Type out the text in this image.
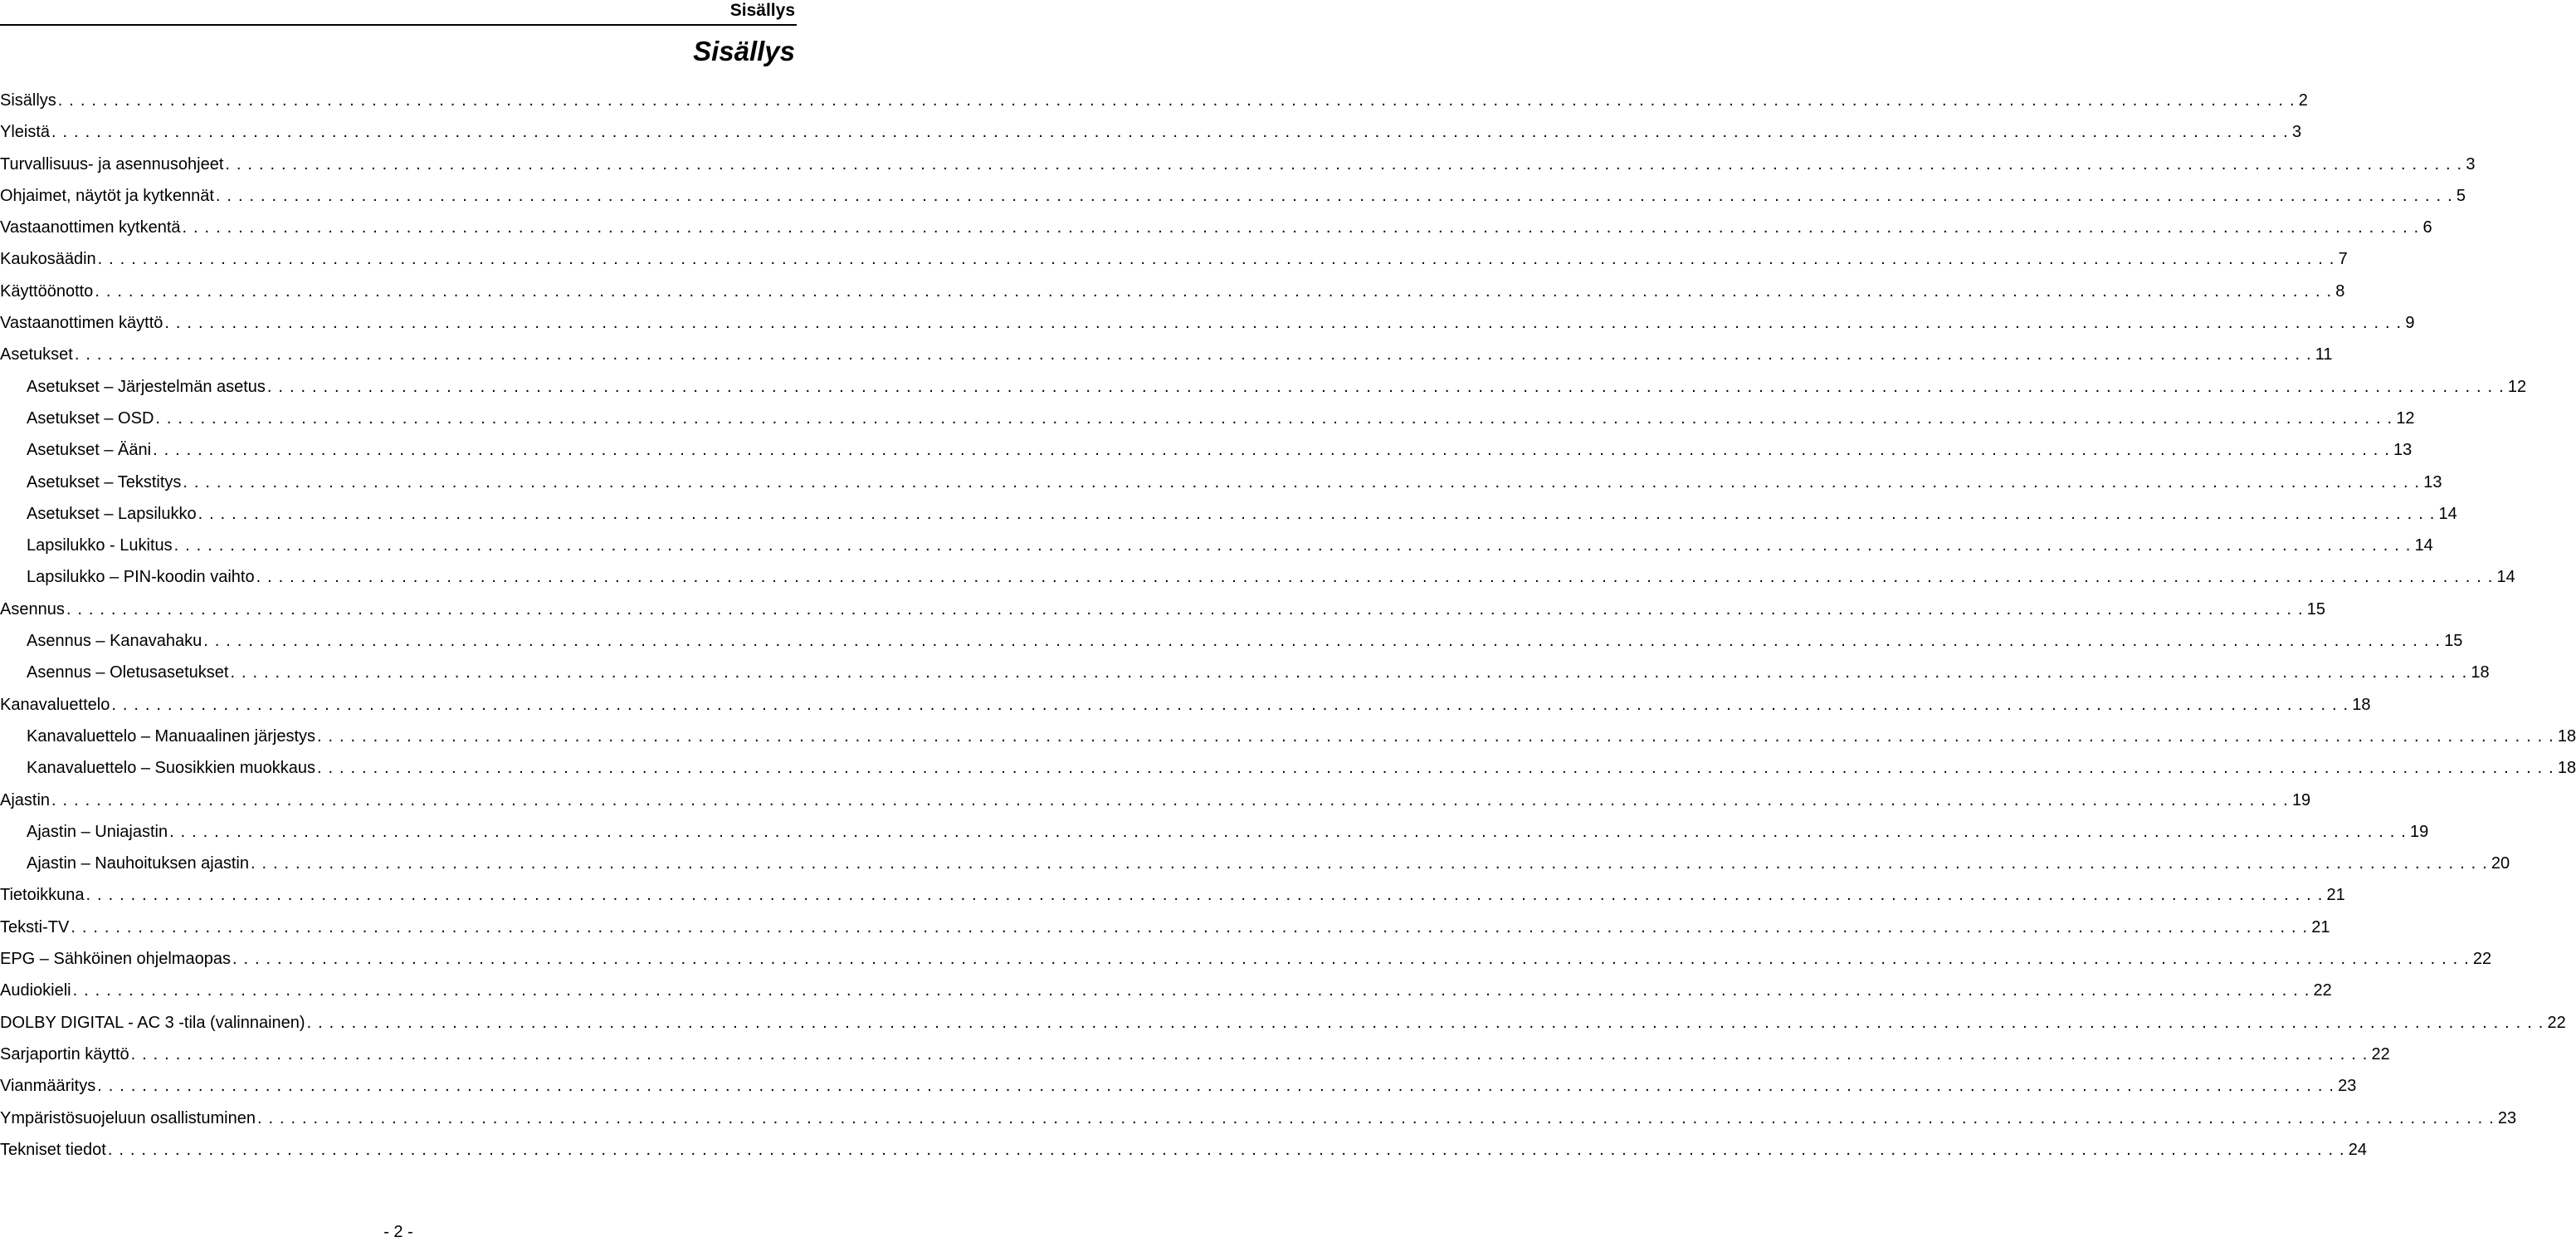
Sisällys
Sisällys
Sisällys . . . . . . . . . . . . . . . . . . . . . . . . . . . . . . . . . . . . . . . . . . . . . . . . . . . . . . . . . . . . . . . . . . . . . . . . . . . . . . . . . . . . . . . . . . . . . . . . . . . . . . . . . . . . . . . . . . . . . . . . . . . . . . . . . . . . . . . . . . . . . . . . . . . . . . . . . . . . . . . . . . . . . . . . . . . . . . . . . . . . . . . . . . . . . . . . . . . . . . . . 2
Yleistä . . . . . . . . . . . . . . . . . . . . . . . . . . . . . . . . . . . . . . . . . . . . . . . . . . . . . . . . . . . . . . . . . . . . . . . . . . . . . . . . . . . . . . . . . . . . . . . . . . . . . . . . . . . . . . . . . . . . . . . . . . . . . . . . . . . . . . . . . . . . . . . . . . . . . . . . . . . . . . . . . . . . . . . . . . . . . . . . . . . . . . . . . . . . . . . . . . . . . . . . 3
Turvallisuus- ja asennusohjeet . . . . . . . . . . . . . . . . . . . . . . . . . . . . . . . . . . . . . . . . . . . . . . . . . . . . . . . . . . . . . . . . . . . . . . . . . . . . . . . . . . . . . . . . . . . . . . . . . . . . . . . . . . . . . . . . . . . . . . . . . . . . . . . . . . . . . . . . . . . . . . . . . . . . . . . . . . . . . . . . . . . . . . . . . . . . . . . . . . . . . . . . . . . . . . . . . . . . . . . . 3
Ohjaimet, näytöt ja kytkennät . . . . . . . . . . . . . . . . . . . . . . . . . . . . . . . . . . . . . . . . . . . . . . . . . . . . . . . . . . . . . . . . . . . . . . . . . . . . . . . . . . . . . . . . . . . . . . . . . . . . . . . . . . . . . . . . . . . . . . . . . . . . . . . . . . . . . . . . . . . . . . . . . . . . . . . . . . . . . . . . . . . . . . . . . . . . . . . . . . . . . . . . . . . . . . . . . . . . . . . . 5
Vastaanottimen kytkentä . . . . . . . . . . . . . . . . . . . . . . . . . . . . . . . . . . . . . . . . . . . . . . . . . . . . . . . . . . . . . . . . . . . . . . . . . . . . . . . . . . . . . . . . . . . . . . . . . . . . . . . . . . . . . . . . . . . . . . . . . . . . . . . . . . . . . . . . . . . . . . . . . . . . . . . . . . . . . . . . . . . . . . . . . . . . . . . . . . . . . . . . . . . . . . . . . . . . . . . . 6
Kaukosäädin . . . . . . . . . . . . . . . . . . . . . . . . . . . . . . . . . . . . . . . . . . . . . . . . . . . . . . . . . . . . . . . . . . . . . . . . . . . . . . . . . . . . . . . . . . . . . . . . . . . . . . . . . . . . . . . . . . . . . . . . . . . . . . . . . . . . . . . . . . . . . . . . . . . . . . . . . . . . . . . . . . . . . . . . . . . . . . . . . . . . . . . . . . . . . . . . . . . . . . . . 7
Käyttöönotto . . . . . . . . . . . . . . . . . . . . . . . . . . . . . . . . . . . . . . . . . . . . . . . . . . . . . . . . . . . . . . . . . . . . . . . . . . . . . . . . . . . . . . . . . . . . . . . . . . . . . . . . . . . . . . . . . . . . . . . . . . . . . . . . . . . . . . . . . . . . . . . . . . . . . . . . . . . . . . . . . . . . . . . . . . . . . . . . . . . . . . . . . . . . . . . . . . . . . . . . 8
Vastaanottimen käyttö . . . . . . . . . . . . . . . . . . . . . . . . . . . . . . . . . . . . . . . . . . . . . . . . . . . . . . . . . . . . . . . . . . . . . . . . . . . . . . . . . . . . . . . . . . . . . . . . . . . . . . . . . . . . . . . . . . . . . . . . . . . . . . . . . . . . . . . . . . . . . . . . . . . . . . . . . . . . . . . . . . . . . . . . . . . . . . . . . . . . . . . . . . . . . . . . . . . . . . . . 9
Asetukset . . . . . . . . . . . . . . . . . . . . . . . . . . . . . . . . . . . . . . . . . . . . . . . . . . . . . . . . . . . . . . . . . . . . . . . . . . . . . . . . . . . . . . . . . . . . . . . . . . . . . . . . . . . . . . . . . . . . . . . . . . . . . . . . . . . . . . . . . . . . . . . . . . . . . . . . . . . . . . . . . . . . . . . . . . . . . . . . . . . . . . . . . . . . . . . . . . . . . . . . 11
Asetukset – Järjestelmän asetus . . . . . . . . . . . . . . . . . . . . . . . . . . . . . . . . . . . . . . . . . . . . . . . . . . . . . . . . . . . . . . . . . . . . . . . . . . . . . . . . . . . . . . . . . . . . . . . . . . . . . . . . . . . . . . . . . . . . . . . . . . . . . . . . . . . . . . . . . . . . . . . . . . . . . . . . . . . . . . . . . . . . . . . . . . . . . . . . . . . . . . . . . . . . . . . . . . . . . . . . 12
Asetukset – OSD . . . . . . . . . . . . . . . . . . . . . . . . . . . . . . . . . . . . . . . . . . . . . . . . . . . . . . . . . . . . . . . . . . . . . . . . . . . . . . . . . . . . . . . . . . . . . . . . . . . . . . . . . . . . . . . . . . . . . . . . . . . . . . . . . . . . . . . . . . . . . . . . . . . . . . . . . . . . . . . . . . . . . . . . . . . . . . . . . . . . . . . . . . . . . . . . . . . . . . . . 12
Asetukset – Ääni . . . . . . . . . . . . . . . . . . . . . . . . . . . . . . . . . . . . . . . . . . . . . . . . . . . . . . . . . . . . . . . . . . . . . . . . . . . . . . . . . . . . . . . . . . . . . . . . . . . . . . . . . . . . . . . . . . . . . . . . . . . . . . . . . . . . . . . . . . . . . . . . . . . . . . . . . . . . . . . . . . . . . . . . . . . . . . . . . . . . . . . . . . . . . . . . . . . . . . . . 13
Asetukset – Tekstitys . . . . . . . . . . . . . . . . . . . . . . . . . . . . . . . . . . . . . . . . . . . . . . . . . . . . . . . . . . . . . . . . . . . . . . . . . . . . . . . . . . . . . . . . . . . . . . . . . . . . . . . . . . . . . . . . . . . . . . . . . . . . . . . . . . . . . . . . . . . . . . . . . . . . . . . . . . . . . . . . . . . . . . . . . . . . . . . . . . . . . . . . . . . . . . . . . . . . . . . . 13
Asetukset – Lapsilukko . . . . . . . . . . . . . . . . . . . . . . . . . . . . . . . . . . . . . . . . . . . . . . . . . . . . . . . . . . . . . . . . . . . . . . . . . . . . . . . . . . . . . . . . . . . . . . . . . . . . . . . . . . . . . . . . . . . . . . . . . . . . . . . . . . . . . . . . . . . . . . . . . . . . . . . . . . . . . . . . . . . . . . . . . . . . . . . . . . . . . . . . . . . . . . . . . . . . . . . . 14
Lapsilukko - Lukitus . . . . . . . . . . . . . . . . . . . . . . . . . . . . . . . . . . . . . . . . . . . . . . . . . . . . . . . . . . . . . . . . . . . . . . . . . . . . . . . . . . . . . . . . . . . . . . . . . . . . . . . . . . . . . . . . . . . . . . . . . . . . . . . . . . . . . . . . . . . . . . . . . . . . . . . . . . . . . . . . . . . . . . . . . . . . . . . . . . . . . . . . . . . . . . . . . . . . . . . . 14
Lapsilukko – PIN-koodin vaihto . . . . . . . . . . . . . . . . . . . . . . . . . . . . . . . . . . . . . . . . . . . . . . . . . . . . . . . . . . . . . . . . . . . . . . . . . . . . . . . . . . . . . . . . . . . . . . . . . . . . . . . . . . . . . . . . . . . . . . . . . . . . . . . . . . . . . . . . . . . . . . . . . . . . . . . . . . . . . . . . . . . . . . . . . . . . . . . . . . . . . . . . . . . . . . . . . . . . . . . . 14
Asennus . . . . . . . . . . . . . . . . . . . . . . . . . . . . . . . . . . . . . . . . . . . . . . . . . . . . . . . . . . . . . . . . . . . . . . . . . . . . . . . . . . . . . . . . . . . . . . . . . . . . . . . . . . . . . . . . . . . . . . . . . . . . . . . . . . . . . . . . . . . . . . . . . . . . . . . . . . . . . . . . . . . . . . . . . . . . . . . . . . . . . . . . . . . . . . . . . . . . . . . . 15
Asennus – Kanavahaku . . . . . . . . . . . . . . . . . . . . . . . . . . . . . . . . . . . . . . . . . . . . . . . . . . . . . . . . . . . . . . . . . . . . . . . . . . . . . . . . . . . . . . . . . . . . . . . . . . . . . . . . . . . . . . . . . . . . . . . . . . . . . . . . . . . . . . . . . . . . . . . . . . . . . . . . . . . . . . . . . . . . . . . . . . . . . . . . . . . . . . . . . . . . . . . . . . . . . . . . 15
Asennus – Oletusasetukset . . . . . . . . . . . . . . . . . . . . . . . . . . . . . . . . . . . . . . . . . . . . . . . . . . . . . . . . . . . . . . . . . . . . . . . . . . . . . . . . . . . . . . . . . . . . . . . . . . . . . . . . . . . . . . . . . . . . . . . . . . . . . . . . . . . . . . . . . . . . . . . . . . . . . . . . . . . . . . . . . . . . . . . . . . . . . . . . . . . . . . . . . . . . . . . . . . . . . . . . 18
Kanavaluettelo . . . . . . . . . . . . . . . . . . . . . . . . . . . . . . . . . . . . . . . . . . . . . . . . . . . . . . . . . . . . . . . . . . . . . . . . . . . . . . . . . . . . . . . . . . . . . . . . . . . . . . . . . . . . . . . . . . . . . . . . . . . . . . . . . . . . . . . . . . . . . . . . . . . . . . . . . . . . . . . . . . . . . . . . . . . . . . . . . . . . . . . . . . . . . . . . . . . . . . . . 18
Kanavaluettelo – Manuaalinen järjestys . . . . . . . . . . . . . . . . . . . . . . . . . . . . . . . . . . . . . . . . . . . . . . . . . . . . . . . . . . . . . . . . . . . . . . . . . . . . . . . . . . . . . . . . . . . . . . . . . . . . . . . . . . . . . . . . . . . . . . . . . . . . . . . . . . . . . . . . . . . . . . . . . . . . . . . . . . . . . . . . . . . . . . . . . . . . . . . . . . . . . . . . . . . . . . . . . . . . . . . . 18
Kanavaluettelo – Suosikkien muokkaus . . . . . . . . . . . . . . . . . . . . . . . . . . . . . . . . . . . . . . . . . . . . . . . . . . . . . . . . . . . . . . . . . . . . . . . . . . . . . . . . . . . . . . . . . . . . . . . . . . . . . . . . . . . . . . . . . . . . . . . . . . . . . . . . . . . . . . . . . . . . . . . . . . . . . . . . . . . . . . . . . . . . . . . . . . . . . . . . . . . . . . . . . . . . . . . . . . . . . . . . 18
Ajastin . . . . . . . . . . . . . . . . . . . . . . . . . . . . . . . . . . . . . . . . . . . . . . . . . . . . . . . . . . . . . . . . . . . . . . . . . . . . . . . . . . . . . . . . . . . . . . . . . . . . . . . . . . . . . . . . . . . . . . . . . . . . . . . . . . . . . . . . . . . . . . . . . . . . . . . . . . . . . . . . . . . . . . . . . . . . . . . . . . . . . . . . . . . . . . . . . . . . . . . . 19
Ajastin – Uniajastin . . . . . . . . . . . . . . . . . . . . . . . . . . . . . . . . . . . . . . . . . . . . . . . . . . . . . . . . . . . . . . . . . . . . . . . . . . . . . . . . . . . . . . . . . . . . . . . . . . . . . . . . . . . . . . . . . . . . . . . . . . . . . . . . . . . . . . . . . . . . . . . . . . . . . . . . . . . . . . . . . . . . . . . . . . . . . . . . . . . . . . . . . . . . . . . . . . . . . . . . 19
Ajastin – Nauhoituksen ajastin . . . . . . . . . . . . . . . . . . . . . . . . . . . . . . . . . . . . . . . . . . . . . . . . . . . . . . . . . . . . . . . . . . . . . . . . . . . . . . . . . . . . . . . . . . . . . . . . . . . . . . . . . . . . . . . . . . . . . . . . . . . . . . . . . . . . . . . . . . . . . . . . . . . . . . . . . . . . . . . . . . . . . . . . . . . . . . . . . . . . . . . . . . . . . . . . . . . . . . . . 20
Tietoikkuna . . . . . . . . . . . . . . . . . . . . . . . . . . . . . . . . . . . . . . . . . . . . . . . . . . . . . . . . . . . . . . . . . . . . . . . . . . . . . . . . . . . . . . . . . . . . . . . . . . . . . . . . . . . . . . . . . . . . . . . . . . . . . . . . . . . . . . . . . . . . . . . . . . . . . . . . . . . . . . . . . . . . . . . . . . . . . . . . . . . . . . . . . . . . . . . . . . . . . . . . 21
Teksti-TV . . . . . . . . . . . . . . . . . . . . . . . . . . . . . . . . . . . . . . . . . . . . . . . . . . . . . . . . . . . . . . . . . . . . . . . . . . . . . . . . . . . . . . . . . . . . . . . . . . . . . . . . . . . . . . . . . . . . . . . . . . . . . . . . . . . . . . . . . . . . . . . . . . . . . . . . . . . . . . . . . . . . . . . . . . . . . . . . . . . . . . . . . . . . . . . . . . . . . . . . 21
EPG – Sähköinen ohjelmaopas . . . . . . . . . . . . . . . . . . . . . . . . . . . . . . . . . . . . . . . . . . . . . . . . . . . . . . . . . . . . . . . . . . . . . . . . . . . . . . . . . . . . . . . . . . . . . . . . . . . . . . . . . . . . . . . . . . . . . . . . . . . . . . . . . . . . . . . . . . . . . . . . . . . . . . . . . . . . . . . . . . . . . . . . . . . . . . . . . . . . . . . . . . . . . . . . . . . . . . . . 22
Audiokieli . . . . . . . . . . . . . . . . . . . . . . . . . . . . . . . . . . . . . . . . . . . . . . . . . . . . . . . . . . . . . . . . . . . . . . . . . . . . . . . . . . . . . . . . . . . . . . . . . . . . . . . . . . . . . . . . . . . . . . . . . . . . . . . . . . . . . . . . . . . . . . . . . . . . . . . . . . . . . . . . . . . . . . . . . . . . . . . . . . . . . . . . . . . . . . . . . . . . . . . . 22
DOLBY DIGITAL - AC 3 -tila (valinnainen) . . . . . . . . . . . . . . . . . . . . . . . . . . . . . . . . . . . . . . . . . . . . . . . . . . . . . . . . . . . . . . . . . . . . . . . . . . . . . . . . . . . . . . . . . . . . . . . . . . . . . . . . . . . . . . . . . . . . . . . . . . . . . . . . . . . . . . . . . . . . . . . . . . . . . . . . . . . . . . . . . . . . . . . . . . . . . . . . . . . . . . . . . . . . . . . . . . . . . . . . 22
Sarjaportin käyttö . . . . . . . . . . . . . . . . . . . . . . . . . . . . . . . . . . . . . . . . . . . . . . . . . . . . . . . . . . . . . . . . . . . . . . . . . . . . . . . . . . . . . . . . . . . . . . . . . . . . . . . . . . . . . . . . . . . . . . . . . . . . . . . . . . . . . . . . . . . . . . . . . . . . . . . . . . . . . . . . . . . . . . . . . . . . . . . . . . . . . . . . . . . . . . . . . . . . . . . . 22
Vianmääritys . . . . . . . . . . . . . . . . . . . . . . . . . . . . . . . . . . . . . . . . . . . . . . . . . . . . . . . . . . . . . . . . . . . . . . . . . . . . . . . . . . . . . . . . . . . . . . . . . . . . . . . . . . . . . . . . . . . . . . . . . . . . . . . . . . . . . . . . . . . . . . . . . . . . . . . . . . . . . . . . . . . . . . . . . . . . . . . . . . . . . . . . . . . . . . . . . . . . . . . . 23
Ympäristösuojeluun osallistuminen . . . . . . . . . . . . . . . . . . . . . . . . . . . . . . . . . . . . . . . . . . . . . . . . . . . . . . . . . . . . . . . . . . . . . . . . . . . . . . . . . . . . . . . . . . . . . . . . . . . . . . . . . . . . . . . . . . . . . . . . . . . . . . . . . . . . . . . . . . . . . . . . . . . . . . . . . . . . . . . . . . . . . . . . . . . . . . . . . . . . . . . . . . . . . . . . . . . . . . . . 23
Tekniset tiedot . . . . . . . . . . . . . . . . . . . . . . . . . . . . . . . . . . . . . . . . . . . . . . . . . . . . . . . . . . . . . . . . . . . . . . . . . . . . . . . . . . . . . . . . . . . . . . . . . . . . . . . . . . . . . . . . . . . . . . . . . . . . . . . . . . . . . . . . . . . . . . . . . . . . . . . . . . . . . . . . . . . . . . . . . . . . . . . . . . . . . . . . . . . . . . . . . . . . . . . . 24
- 2 -
